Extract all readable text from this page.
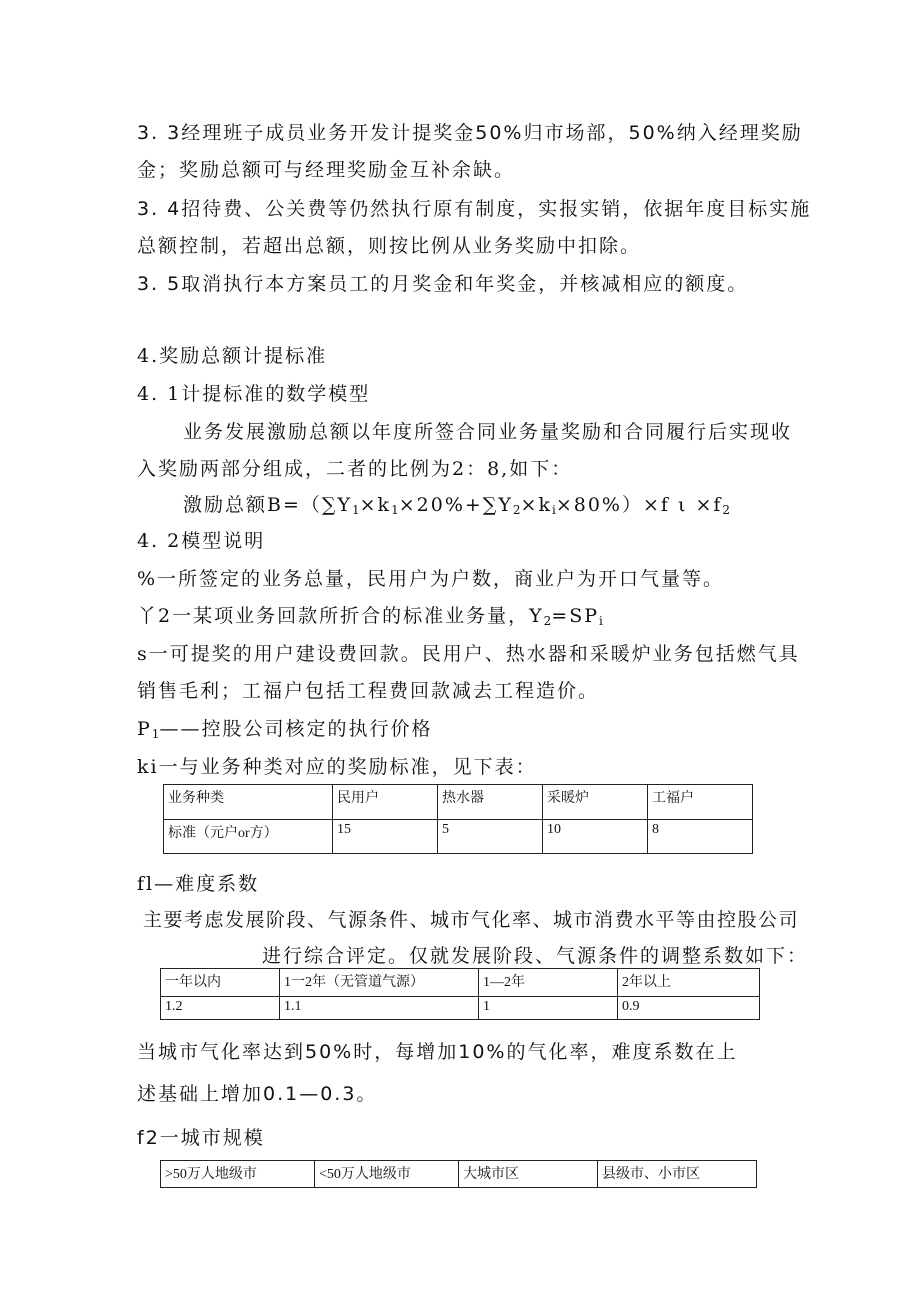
3. 3经理班子成员业务开发计提奖金50%归市场部，50%纳入经理奖励
金；奖励总额可与经理奖励金互补余缺。
3. 4招待费、公关费等仍然执行原有制度，实报实销，依据年度目标实施
总额控制，若超出总额，则按比例从业务奖励中扣除。
3. 5取消执行本方案员工的月奖金和年奖金，并核减相应的额度。
4.奖励总额计提标准
4. 1计提标准的数学模型
业务发展激励总额以年度所签合同业务量奖励和合同履行后实现收
入奖励两部分组成，二者的比例为2：8,如下：
激励总额$B=(\sum Y_1\times k_1\times 20\%+\sum Y_2\times k_i\times 80\%)\times f$ $\iota \times f_2$
4. 2模型说明
%一所签定的业务总量，民用户为户数，商业户为开口气量等。
丫2一某项业务回款所折合的标准业务量，$Y_2=SP_i$
s一可提奖的用户建设费回款。民用户、热水器和采暖炉业务包括燃气具
销售毛利；工福户包括工程费回款减去工程造价。
$P_1——$控股公司核定的执行价格
ki一与业务种类对应的奖励标准，见下表：
业务种类	民用户	热水器	采暖炉	工福户
标准（元户or方）	15	5	10	8
fl—难度系数
主要考虑发展阶段、气源条件、城市气化率、城市消费水平等由控股公司
进行综合评定。仅就发展阶段、气源条件的调整系数如下：
一年以内	1一2年（无管道气源）	1—2年	2年以上
1.2	1.1	1	0.9
当城市气化率达到50%时，每增加10%的气化率，难度系数在上
述基础上增加0.1—0.3。
f2一城市规模
>50万人地级市	<50万人地级市	大城市区	县级市、小市区
